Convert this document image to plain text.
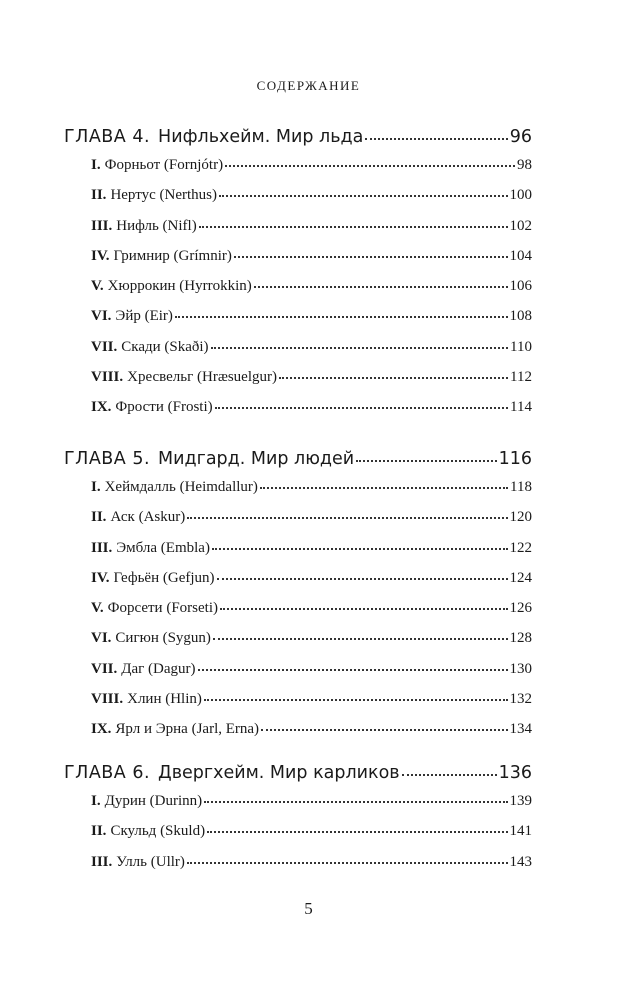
СОДЕРЖАНИЕ
ГЛАВА 4. Нифльхейм. Мир льда	96
I. Форньот (Fornjótr)	98
II. Нертус (Nerthus)	100
III. Нифль (Nifl)	102
IV. Гримнир (Grímnir)	104
V. Хюррокин (Hyrrokkin)	106
VI. Эйр (Eir)	108
VII. Скади (Skaði)	110
VIII. Хресвельг (Hræsuelgur)	112
IX. Фрости (Frosti)	114
ГЛАВА 5. Мидгард. Мир людей	116
I. Хеймдалль (Heimdallur)	118
II. Аск (Askur)	120
III. Эмбла (Embla)	122
IV. Гефьён (Gefjun)	124
V. Форсети (Forseti)	126
VI. Сигюн (Sygun)	128
VII. Даг (Dagur)	130
VIII. Хлин (Hlin)	132
IX. Ярл и Эрна (Jarl, Erna)	134
ГЛАВА 6. Двергхейм. Мир карликов	136
I. Дурин (Durinn)	139
II. Скульд (Skuld)	141
III. Улль (Ullr)	143
5
